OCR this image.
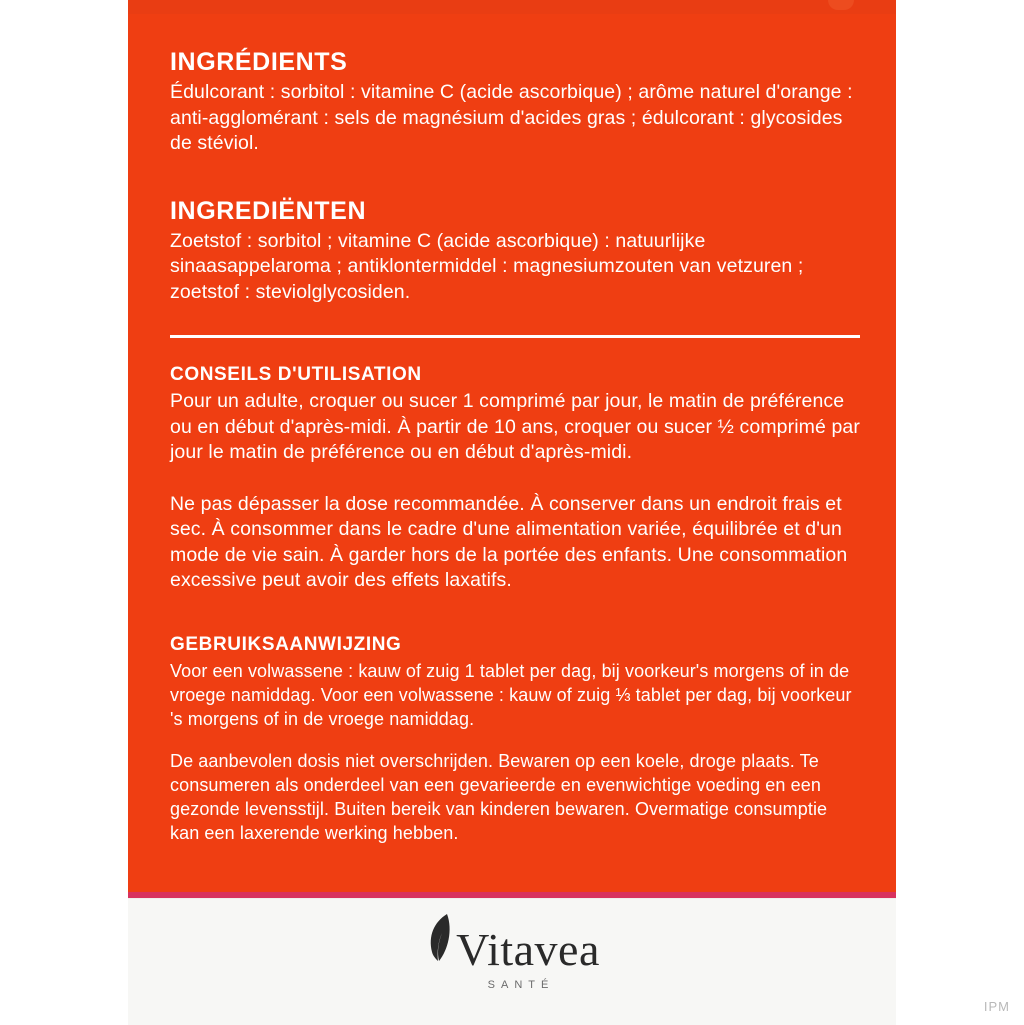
INGRÉDIENTS

Édulcorant : sorbitol : vitamine C (acide ascorbique) ; arôme naturel d'orange : anti-agglomérant : sels de magnésium d'acides gras ; édulcorant : glycosides de stéviol.

INGREDIËNTEN

Zoetstof : sorbitol ; vitamine C (acide ascorbique) : natuurlijke sinaasappelaroma ; antiklontermiddel : magnesiumzouten van vetzuren ; zoetstof : steviolglycosiden.

CONSEILS D'UTILISATION

Pour un adulte, croquer ou sucer 1 comprimé par jour, le matin de préférence ou en début d'après-midi. À partir de 10 ans, croquer ou sucer ½ comprimé par jour le matin de préférence ou en début d'après-midi.

Ne pas dépasser la dose recommandée. À conserver dans un endroit frais et sec. À consommer dans le cadre d'une alimentation variée, équilibrée et d'un mode de vie sain. À garder hors de la portée des enfants. Une consommation excessive peut avoir des effets laxatifs.

GEBRUIKSAANWIJZING

Voor een volwassene : kauw of zuig 1 tablet per dag, bij voorkeur's morgens of in de vroege namiddag. Voor een volwassene : kauw of zuig ⅓ tablet per dag, bij voorkeur 's morgens of in de vroege namiddag.

De aanbevolen dosis niet overschrijden. Bewaren op een koele, droge plaats. Te consumeren als onderdeel van een gevarieerde en evenwichtige voeding en een gezonde levensstijl. Buiten bereik van kinderen bewaren. Overmatige consumptie kan een laxerende werking hebben.

Vitavea
SANTÉ
IPM
